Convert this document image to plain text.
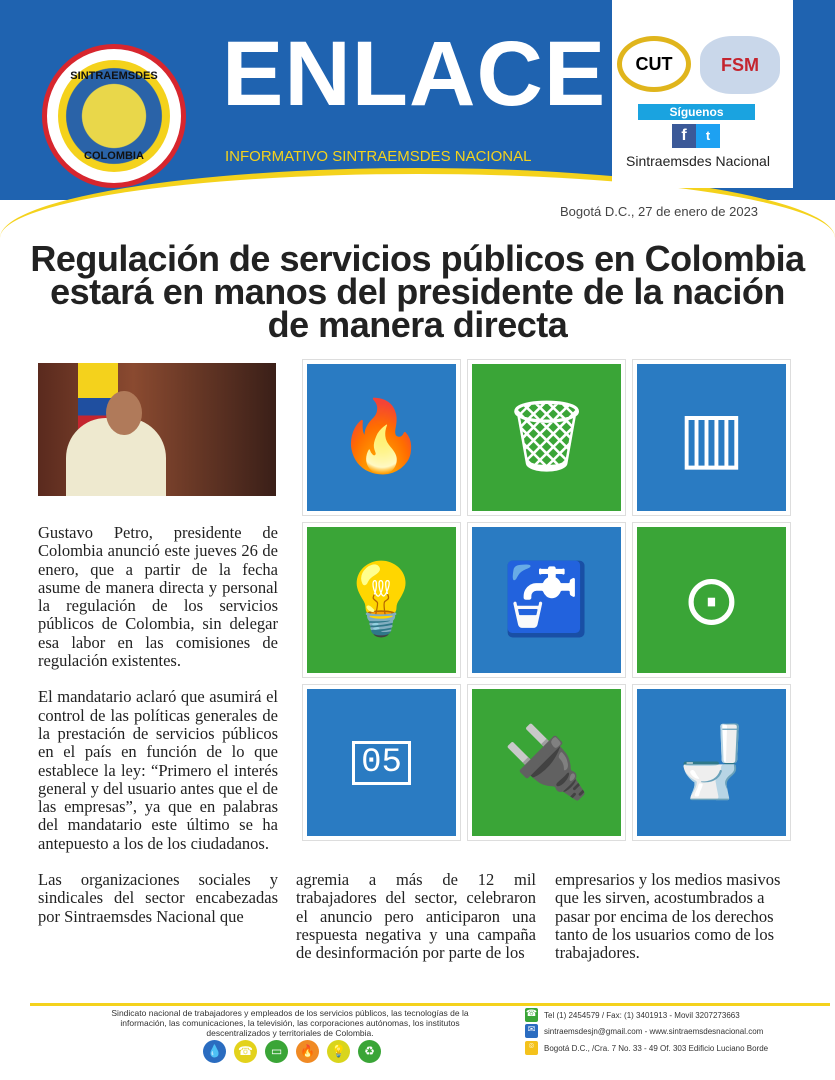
SINTRAEMSDES
COLOMBIA
ENLACE
INFORMATIVO SINTRAEMSDES NACIONAL
CUT	FSM
Síguenos
f	t
Sintraemsdes Nacional
Bogotá D.C., 27 de enero de 2023
Regulación de servicios públicos en Colombia estará en manos del presidente de la nación de manera directa
🔥	🗑	▥
💡	🚰	⊙
05	🔌	🚽

Gustavo Petro, presidente de Colombia anunció este jueves 26 de enero, que a partir de la fecha asume de manera directa y personal la regulación de los servicios públicos de Colombia, sin delegar esa labor en las comisiones de regulación existentes.

El mandatario aclaró que asumirá el control de las políticas generales de la prestación de servicios públicos en el país en función de lo que establece la ley: “Primero el interés general y del usuario antes que el de las empresas”, ya que en palabras del mandatario este último se ha antepuesto a los de los ciudadanos.

Las organizaciones sociales y sindicales del sector encabezadas por Sintraemsdes Nacional que

agremia a más de 12 mil trabajadores del sector, celebraron el anuncio pero anticiparon una respuesta negativa y una campaña de desinformación por parte de los

empresarios y los medios masivos que les sirven, acostumbrados a pasar por encima de los derechos tanto de los usuarios como de los trabajadores.

Sindicato nacional de trabajadores y empleados de los servicios públicos, las tecnologías de la información, las comunicaciones, la televisión, las corporaciones autónomas, los institutos descentralizados y territoriales de Colombia.
💧	☎	▭	🔥	💡	♻
☎ Tel (1) 2454579 / Fax: (1) 3401913 - Movil 3207273663
✉	sintraemsdesjn@gmail.com - www.sintraemsdesnacional.com
⌾	Bogotá D.C., /Cra. 7 No. 33 - 49 Of. 303 Edificio Luciano Borde
